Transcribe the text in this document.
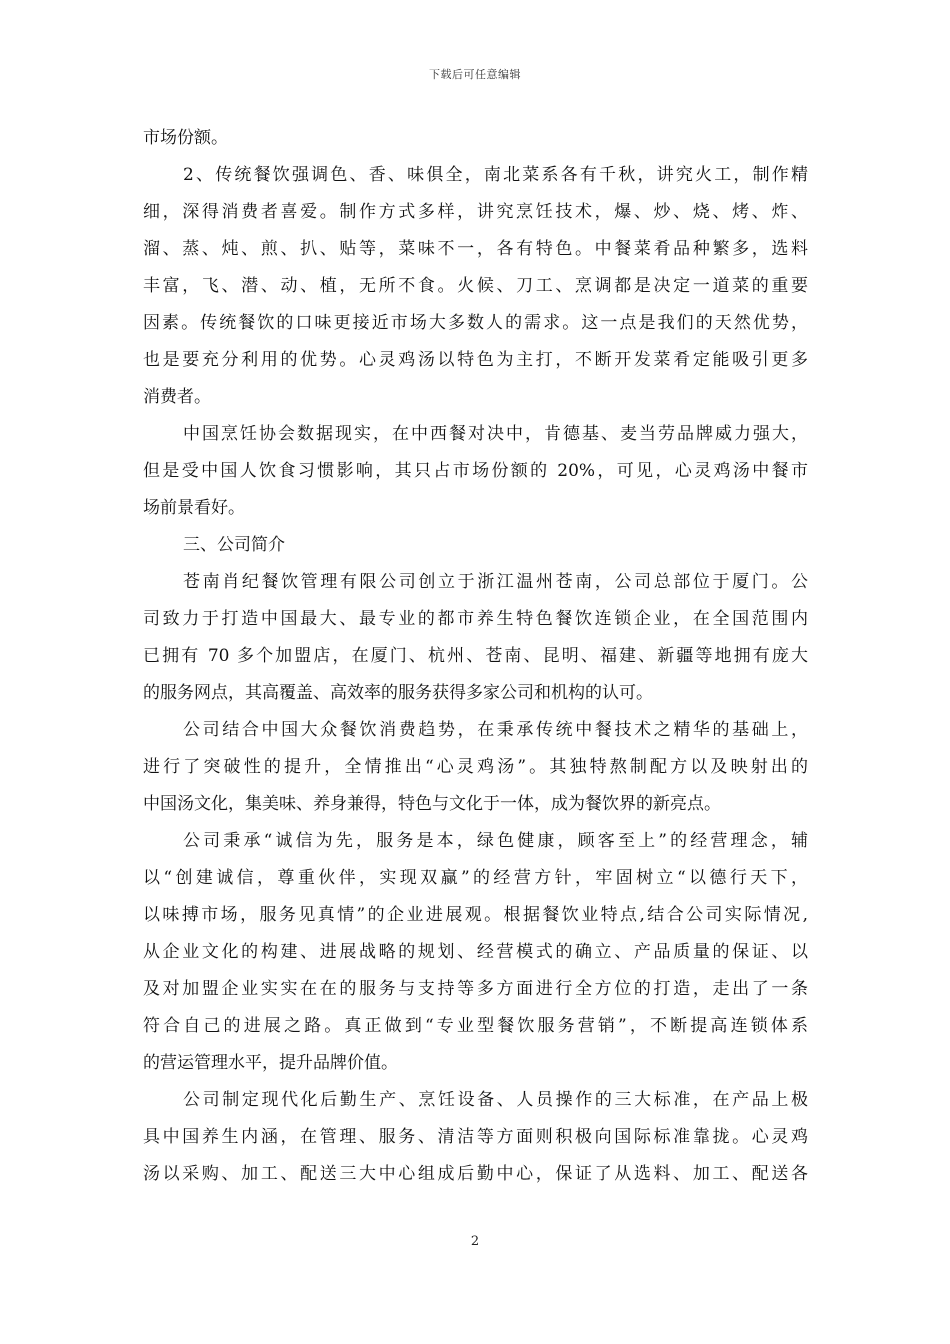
下载后可任意编辑
市场份额。
2、传统餐饮强调色、香、味俱全，南北菜系各有千秋，讲究火工，制作精
细，深得消费者喜爱。制作方式多样，讲究烹饪技术，爆、炒、烧、烤、炸、
溜、蒸、炖、煎、扒、贴等，菜味不一，各有特色。中餐菜肴品种繁多，选料
丰富，飞、潜、动、植，无所不食。火候、刀工、烹调都是决定一道菜的重要
因素。传统餐饮的口味更接近市场大多数人的需求。这一点是我们的天然优势，
也是要充分利用的优势。心灵鸡汤以特色为主打，不断开发菜肴定能吸引更多
消费者。
中国烹饪协会数据现实，在中西餐对决中，肯德基、麦当劳品牌威力强大，
但是受中国人饮食习惯影响，其只占市场份额的 20%，可见，心灵鸡汤中餐市
场前景看好。
三、公司简介
苍南肖纪餐饮管理有限公司创立于浙江温州苍南，公司总部位于厦门。公
司致力于打造中国最大、最专业的都市养生特色餐饮连锁企业，在全国范围内
已拥有 70 多个加盟店，在厦门、杭州、苍南、昆明、福建、新疆等地拥有庞大
的服务网点，其高覆盖、高效率的服务获得多家公司和机构的认可。
公司结合中国大众餐饮消费趋势，在秉承传统中餐技术之精华的基础上，
进行了突破性的提升，全情推出“心灵鸡汤”。其独特熬制配方以及映射出的
中国汤文化，集美味、养身兼得，特色与文化于一体，成为餐饮界的新亮点。
公司秉承“诚信为先，服务是本，绿色健康，顾客至上”的经营理念，辅
以“创建诚信，尊重伙伴，实现双赢”的经营方针，牢固树立“以德行天下，
以味搏市场，服务见真情”的企业进展观。根据餐饮业特点,结合公司实际情况,
从企业文化的构建、进展战略的规划、经营模式的确立、产品质量的保证、以
及对加盟企业实实在在的服务与支持等多方面进行全方位的打造，走出了一条
符合自己的进展之路。真正做到“专业型餐饮服务营销”，不断提高连锁体系
的营运管理水平，提升品牌价值。
公司制定现代化后勤生产、烹饪设备、人员操作的三大标准，在产品上极
具中国养生内涵，在管理、服务、清洁等方面则积极向国际标准靠拢。心灵鸡
汤以采购、加工、配送三大中心组成后勤中心，保证了从选料、加工、配送各
2
